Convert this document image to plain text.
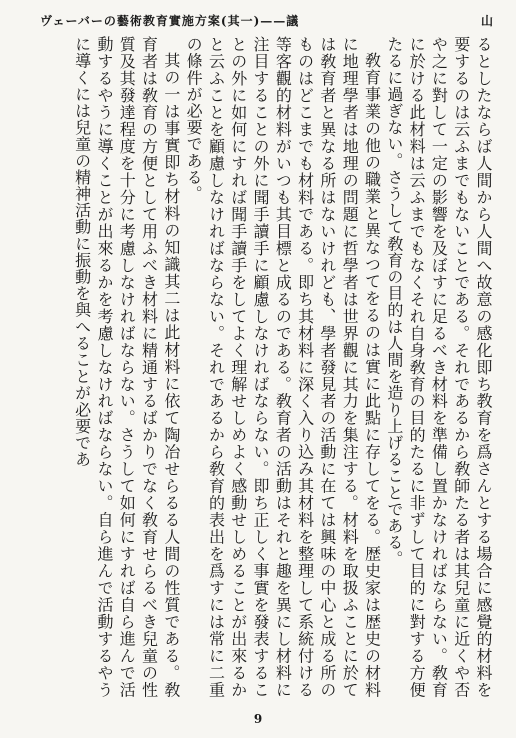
ヴェーバーの藝術教育實施方案(其一)——議	山

るとしたならば人間から人間へ故意の感化即ち教育を爲さんとする場合に感覺的材料を要するのは云ふまでもないことである。それであるから敎師たる者は其兒童に近くや否や之に對して一定の影響を及ぼすに足るべき材料を準備し置かなければならない。敎育に於ける此材料は云ふまでもなくそれ自身敎育の目的たるに非ずして目的に對する方便たるに過ぎない。さうして敎育の目的は人間を造り上げることである。

敎育事業の他の職業と異なつてをるのは實に此點に存してをる。歴史家は歴史の材料に地理學者は地理の問題に哲學者は世界觀に其力を集注する。材料を取扱ふことに於ては敎育者と異なる所はないけれども、學者發見者の活動に在ては興味の中心と成る所のものはどこまでも材料である。即ち其材料に深く入り込み其材料を整理して系統付ける等客觀的材料がいつも其目標と成るのである。敎育者の活動はそれと趣を異にし材料に注目することの外に聞手讀手に顧慮しなければならない。即ち正しく事實を發表することの外に如何にすれば聞手讀手をしてよく理解せしめよく感動せしめることが出來るかと云ふことを顧慮しなければならない。それであるから敎育的表出を爲すには常に二重の條件が必要である。

其の一は事實即ち材料の知識其二は此材料に依て陶冶せらるる人間の性質である。敎育者は敎育の方便として用ふべき材料に精通するばかりでなく敎育せらるべき兒童の性質及其發達程度を十分に考慮しなければならない。さうして如何にすれば自ら進んで活動するやうに導くことが出來るかを考慮しなければならない。自ら進んで活動するやうに導くには兒童の精神活動に振動を與へることが必要であ

9
